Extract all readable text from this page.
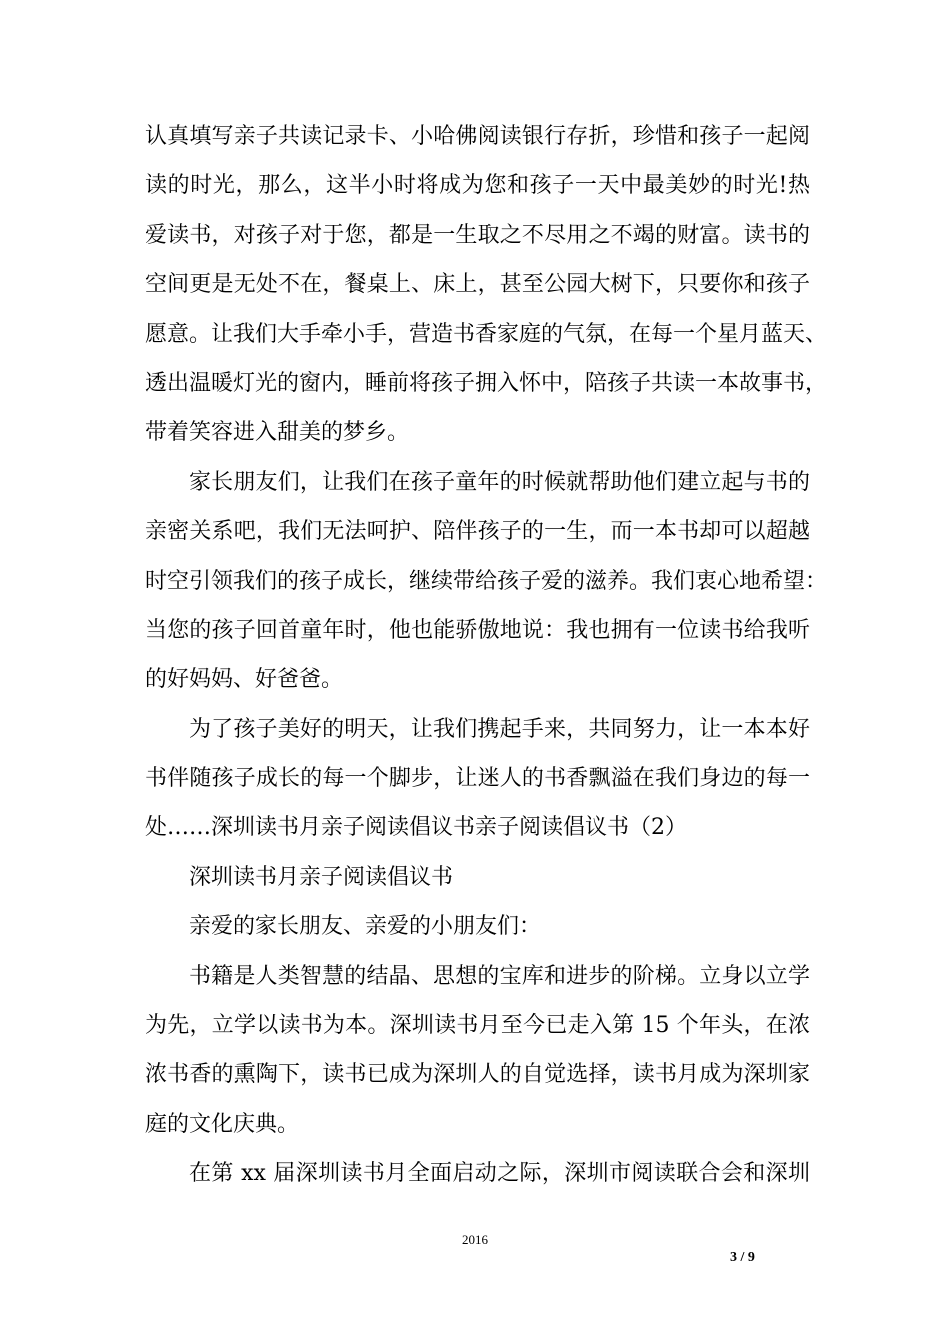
认真填写亲子共读记录卡、小哈佛阅读银行存折，珍惜和孩子一起阅
读的时光，那么，这半小时将成为您和孩子一天中最美妙的时光!热
爱读书，对孩子对于您，都是一生取之不尽用之不竭的财富。读书的
空间更是无处不在，餐桌上、床上，甚至公园大树下，只要你和孩子
愿意。让我们大手牵小手，营造书香家庭的气氛，在每一个星月蓝天、
透出温暖灯光的窗内，睡前将孩子拥入怀中，陪孩子共读一本故事书，
带着笑容进入甜美的梦乡。
家长朋友们，让我们在孩子童年的时候就帮助他们建立起与书的
亲密关系吧，我们无法呵护、陪伴孩子的一生，而一本书却可以超越
时空引领我们的孩子成长，继续带给孩子爱的滋养。我们衷心地希望：
当您的孩子回首童年时，他也能骄傲地说：我也拥有一位读书给我听
的好妈妈、好爸爸。
为了孩子美好的明天，让我们携起手来，共同努力，让一本本好
书伴随孩子成长的每一个脚步，让迷人的书香飘溢在我们身边的每一
处……深圳读书月亲子阅读倡议书亲子阅读倡议书（2）
深圳读书月亲子阅读倡议书
亲爱的家长朋友、亲爱的小朋友们：
书籍是人类智慧的结晶、思想的宝库和进步的阶梯。立身以立学
为先，立学以读书为本。深圳读书月至今已走入第 15 个年头，在浓
浓书香的熏陶下，读书已成为深圳人的自觉选择，读书月成为深圳家
庭的文化庆典。
在第 xx 届深圳读书月全面启动之际，深圳市阅读联合会和深圳
2016
3 / 9
